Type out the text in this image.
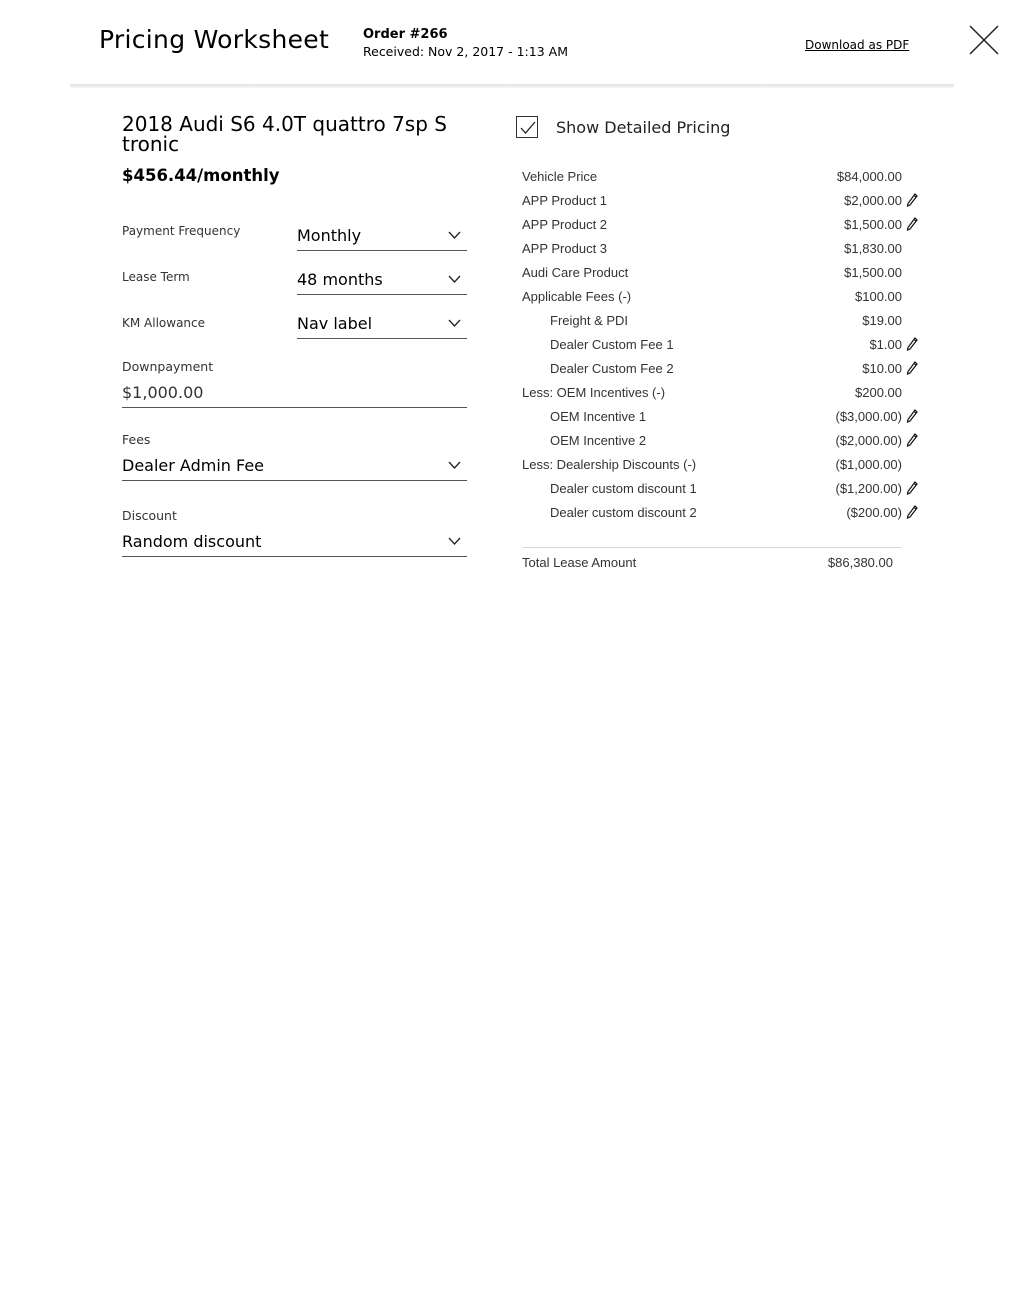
Pricing Worksheet	Order #266
Received: Nov 2, 2017 - 1:13 AM	Download as PDF
2018 Audi S6 4.0T quattro 7sp S tronic
$456.44/monthly
Payment Frequency	Monthly
Lease Term	48 months
KM Allowance	Nav label
Downpayment
$1,000.00
Fees
Dealer Admin Fee
Discount
Random discount
Show Detailed Pricing
Vehicle Price	$84,000.00
APP Product 1	$2,000.00
APP Product 2	$1,500.00
APP Product 3	$1,830.00
Audi Care Product	$1,500.00
Applicable Fees (-)	$100.00
Freight & PDI	$19.00
Dealer Custom Fee 1	$1.00
Dealer Custom Fee 2	$10.00
Less: OEM Incentives (-)	$200.00
OEM Incentive 1	($3,000.00)
OEM Incentive 2	($2,000.00)
Less: Dealership Discounts (-)	($1,000.00)
Dealer custom discount 1	($1,200.00)
Dealer custom discount 2	($200.00)
Total Lease Amount	$86,380.00
